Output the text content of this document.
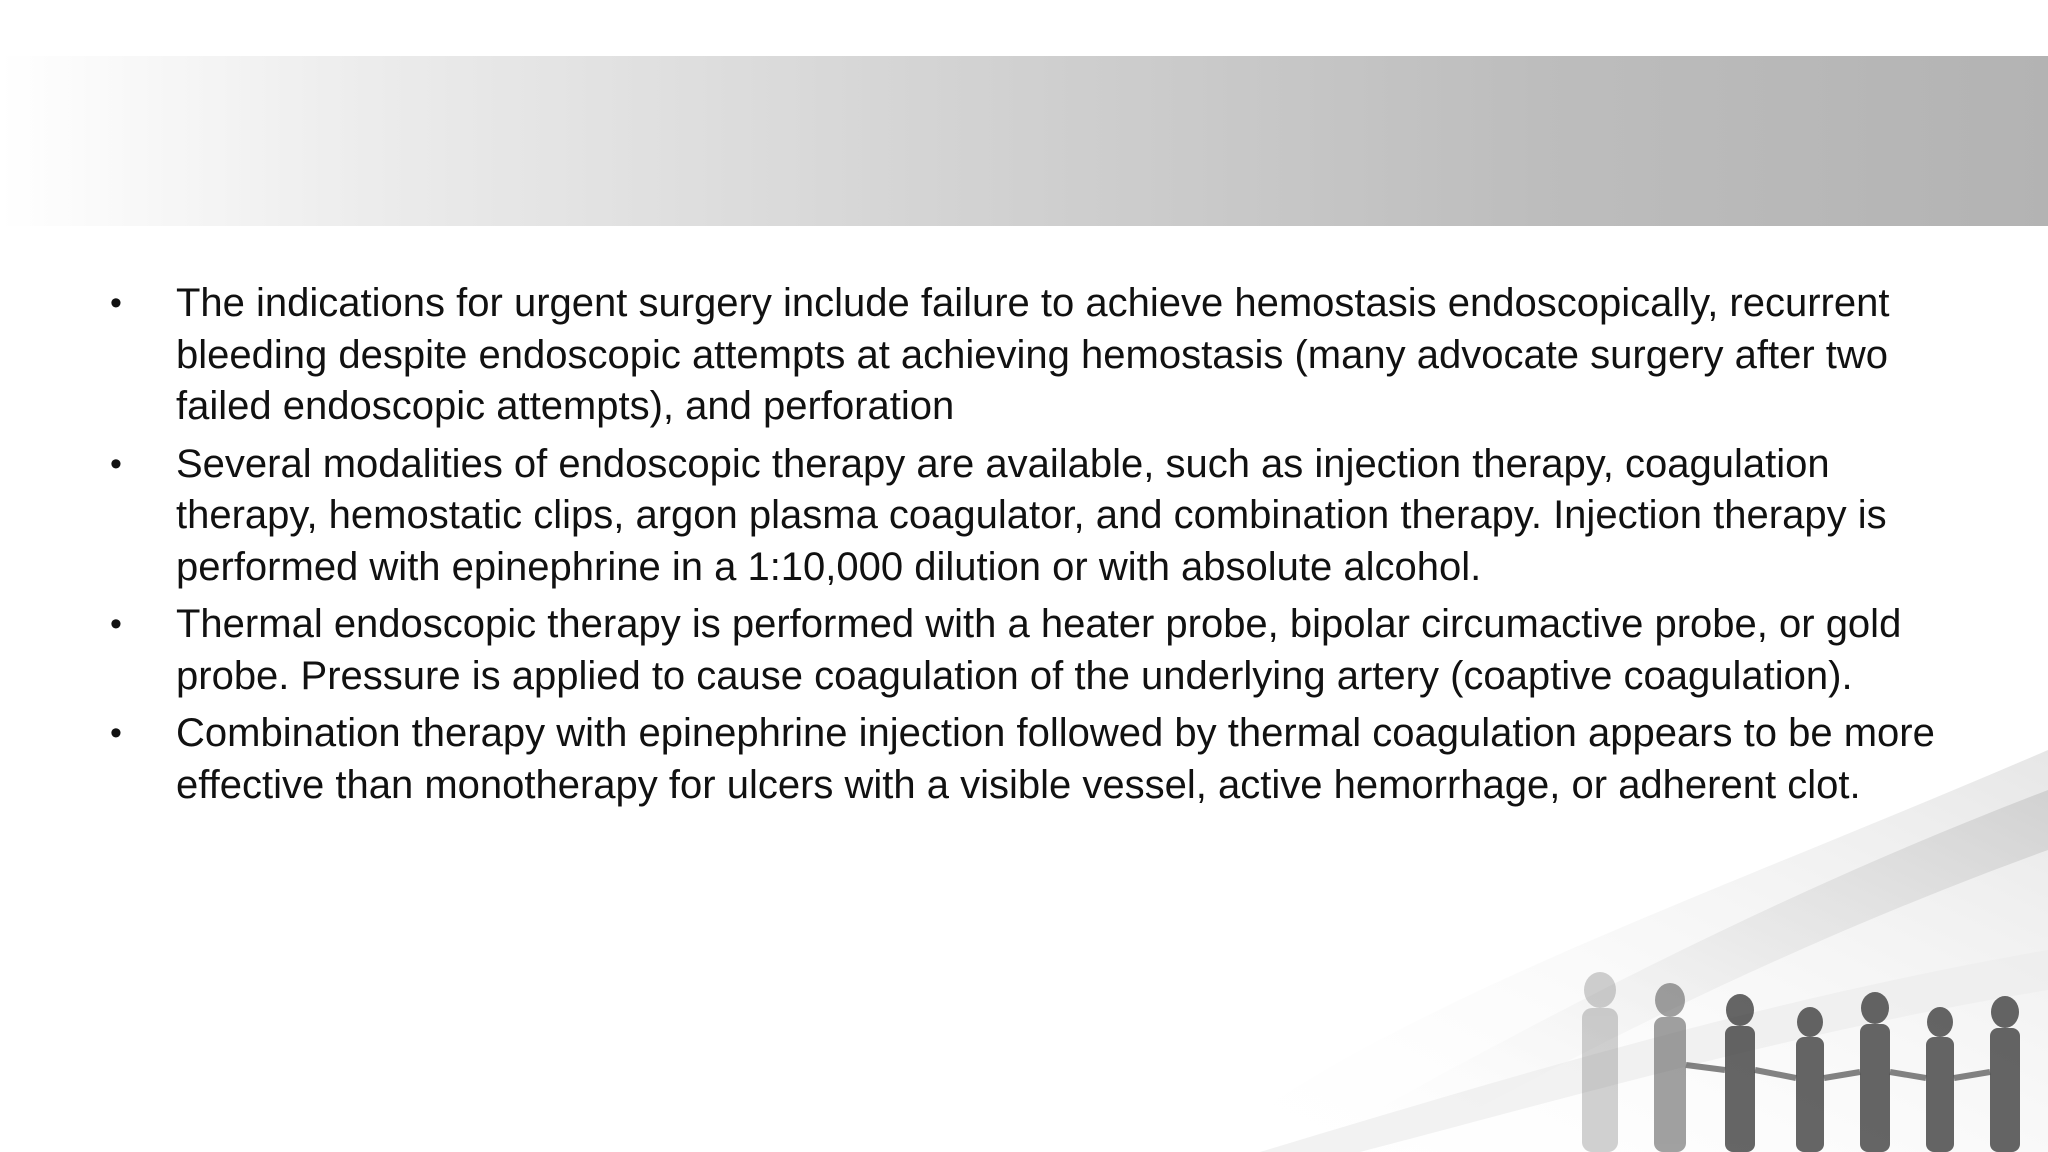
•	The indications for urgent surgery include failure to achieve hemostasis endoscopically, recurrent bleeding despite endoscopic attempts at achieving hemostasis (many advocate surgery after two failed endoscopic attempts), and perforation
•	Several modalities of endoscopic therapy are available, such as injection therapy, coagulation therapy, hemostatic clips, argon plasma coagulator, and combination therapy. Injection therapy is performed with epinephrine in a 1:10,000 dilution or with absolute alcohol.
•	Thermal endoscopic therapy is performed with a heater probe, bipolar circumactive probe, or gold probe. Pressure is applied to cause coagulation of the underlying artery (coaptive coagulation).
•	Combination therapy with epinephrine injection followed by thermal coagulation appears to be more effective than monotherapy for ulcers with a visible vessel, active hemorrhage, or adherent clot.
